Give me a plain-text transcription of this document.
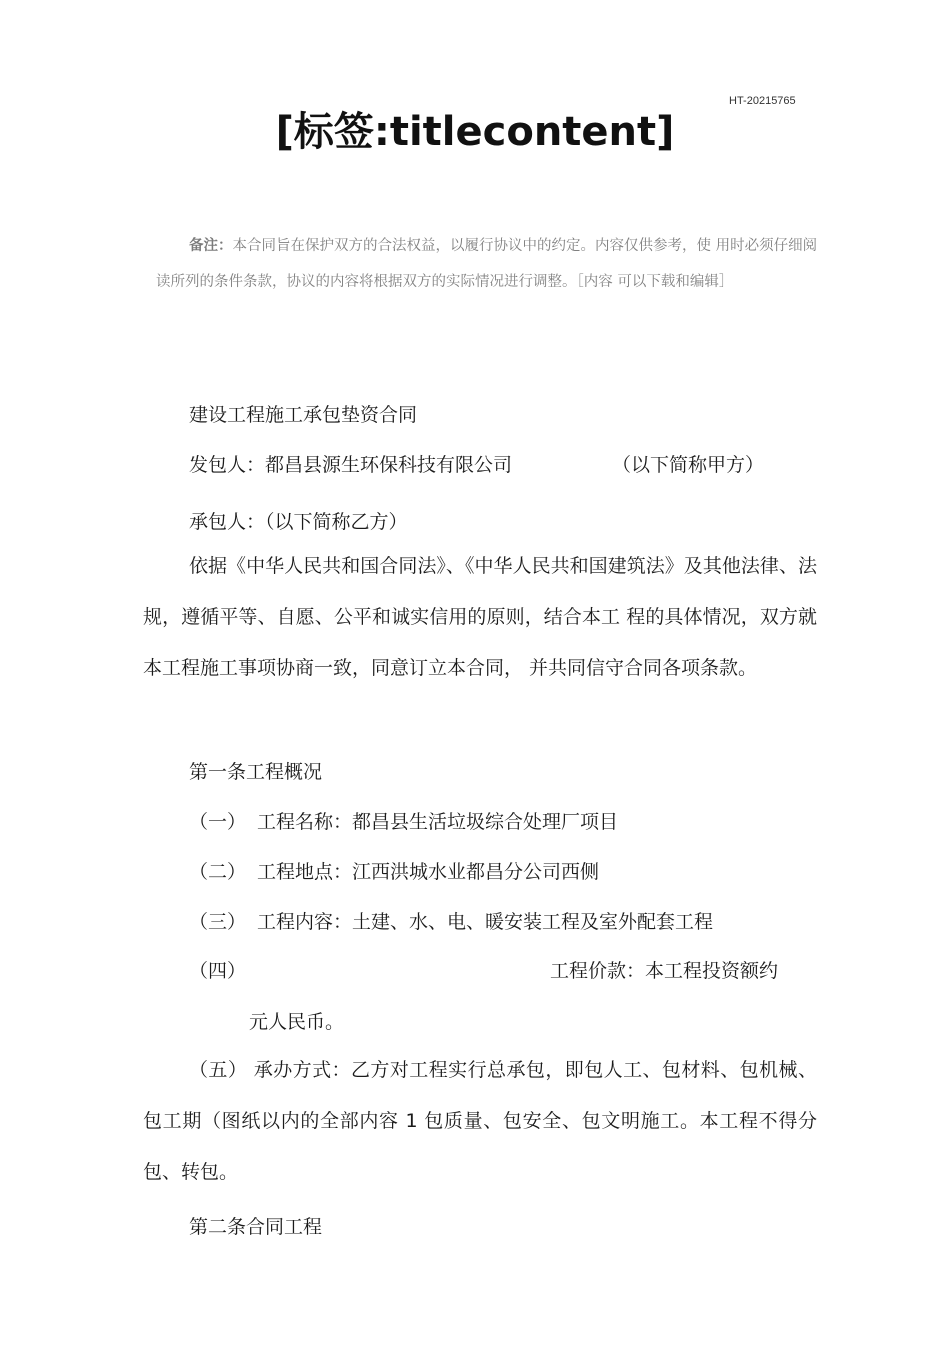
HT-20215765
[标签:titlecontent]
备注：本合同旨在保护双方的合法权益，以履行协议中的约定。内容仅供参考，使 用时必须仔细阅读所列的条件条款，协议的内容将根据双方的实际情况进行调整。［内容 可以下载和编辑］
建设工程施工承包垫资合同
发包人：都昌县源生环保科技有限公司	（以下简称甲方）
承包人：（以下简称乙方）
依据《中华人民共和国合同法》、《中华人民共和国建筑法》及其他法律、法规，遵循平等、自愿、公平和诚实信用的原则，结合本工 程的具体情况，双方就本工程施工事项协商一致，同意订立本合同， 并共同信守合同各项条款。
第一条工程概况
（一） 工程名称：都昌县生活垃圾综合处理厂项目
（二） 工程地点：江西洪城水业都昌分公司西侧
（三） 工程内容：土建、水、电、暖安装工程及室外配套工程
（四）	工程价款：本工程投资额约
元人民币。
（五） 承办方式：乙方对工程实行总承包，即包人工、包材料、包机械、包工期（图纸以内的全部内容 1 包质量、包安全、包文明施工。本工程不得分包、转包。
第二条合同工程
